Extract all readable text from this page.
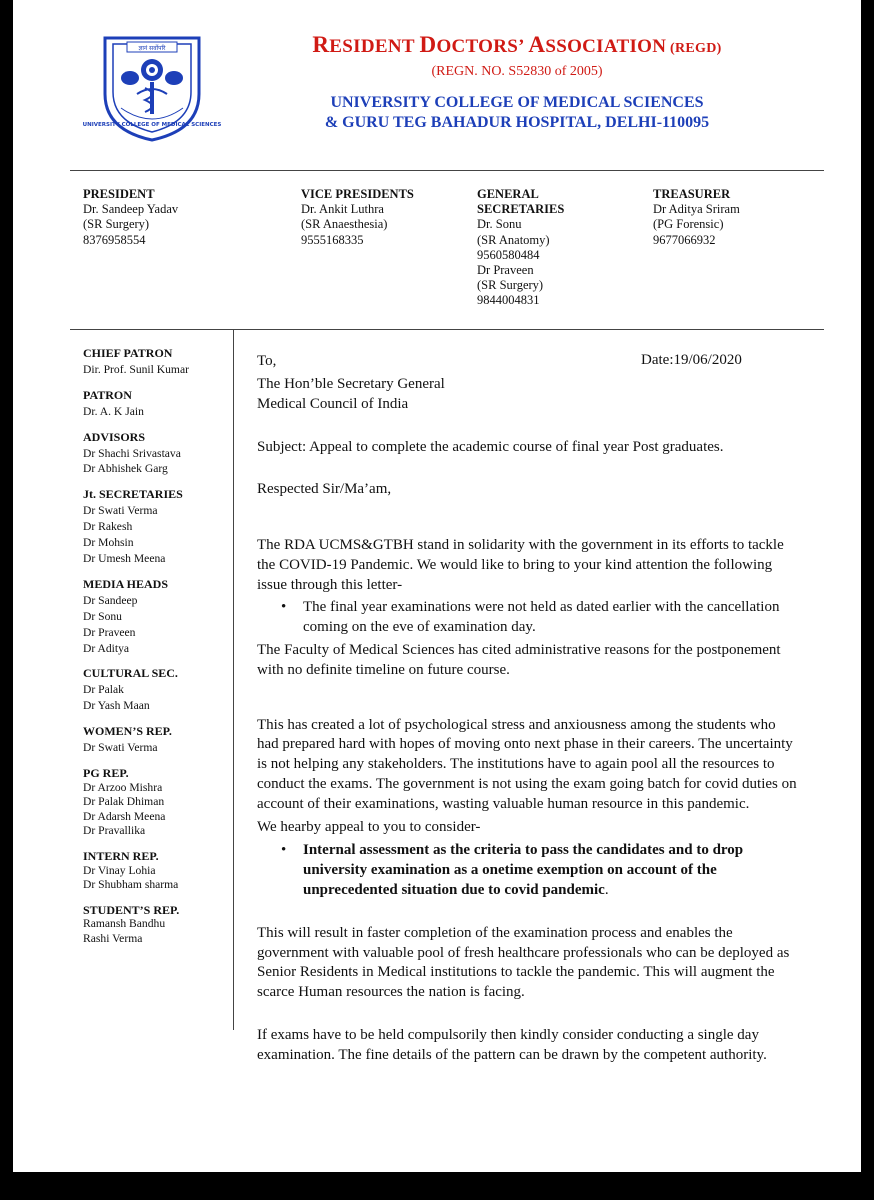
ज्ञानं सर्वोपरि
UNIVERSITY COLLEGE OF MEDICAL SCIENCES
RESIDENT DOCTORS’ ASSOCIATION (REGD)
(REGN. NO. S52830 of 2005)
UNIVERSITY COLLEGE OF MEDICAL SCIENCES
& GURU TEG BAHADUR HOSPITAL, DELHI-110095
PRESIDENT
Dr. Sandeep Yadav
(SR Surgery)
8376958554
VICE PRESIDENTS
Dr. Ankit Luthra
(SR Anaesthesia)
9555168335
GENERAL
SECRETARIES
Dr. Sonu
(SR Anatomy)
9560580484
Dr Praveen
(SR Surgery)
9844004831
TREASURER
Dr Aditya Sriram
(PG Forensic)
9677066932
CHIEF PATRON
Dir. Prof. Sunil Kumar
PATRON
Dr. A. K Jain
ADVISORS
Dr Shachi Srivastava
Dr Abhishek Garg
Jt. SECRETARIES
Dr Swati Verma
Dr Rakesh
Dr Mohsin
Dr Umesh Meena
MEDIA HEADS
Dr Sandeep
Dr Sonu
Dr Praveen
Dr Aditya
CULTURAL SEC.
Dr Palak
Dr Yash Maan
WOMEN’S REP.
Dr Swati Verma
PG REP.
Dr Arzoo Mishra
Dr Palak Dhiman
Dr Adarsh Meena
Dr Pravallika
INTERN REP.
Dr Vinay Lohia
Dr Shubham sharma
STUDENT’S REP.
Ramansh Bandhu
Rashi Verma
Date:19/06/2020

To,

The Hon’ble Secretary General

Medical Council of India

Subject: Appeal to complete the academic course of final year Post graduates.

Respected Sir/Ma’am,

The RDA UCMS&GTBH stand in solidarity with the government in its efforts to tackle the COVID-19 Pandemic. We would like to bring to your kind attention the following issue through this letter-

• The final year examinations were not held as dated earlier with the cancellation coming on the eve of examination day.

The Faculty of Medical Sciences has cited administrative reasons for the postponement with no definite timeline on future course.

This has created a lot of psychological stress and anxiousness among the students who had prepared hard with hopes of moving onto next phase in their careers. The uncertainty is not helping any stakeholders. The institutions have to again pool all the resources to conduct the exams. The government is not using the exam going batch for covid duties on account of their examinations, wasting valuable human resource in this pandemic.

We hearby appeal to you to consider-

• Internal assessment as the criteria to pass the candidates and to drop university examination as a onetime exemption on account of the unprecedented situation due to covid pandemic.

This will result in faster completion of the examination process and enables the government with valuable pool of fresh healthcare professionals who can be deployed as Senior Residents in Medical institutions to tackle the pandemic. This will augment the scarce Human resources the nation is facing.

If exams have to be held compulsorily then kindly consider conducting a single day examination. The fine details of the pattern can be drawn by the competent authority.
